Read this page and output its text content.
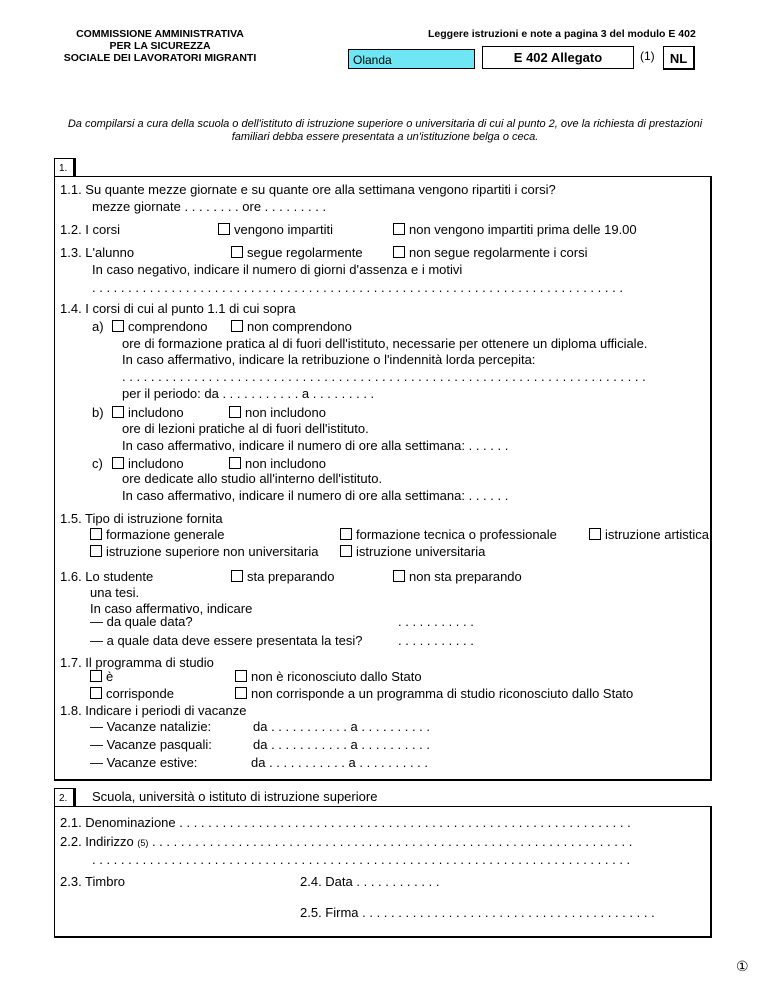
COMMISSIONE AMMINISTRATIVA
PER LA SICUREZZA
SOCIALE DEI LAVORATORI MIGRANTI
Leggere istruzioni e note a pagina 3 del modulo E 402
Olanda	E 402 Allegato	(1)	NL
Da compilarsi a cura della scuola o dell'istituto di istruzione superiore o universitaria di cui al punto 2, ove la richiesta di prestazioni familiari debba essere presentata a un'istituzione belga o ceca.
1.
1.1. Su quante mezze giornate e su quante ore alla settimana vengono ripartiti i corsi?
mezze giornate . . . . . . . . ore . . . . . . . . .
1.2. I corsi	vengono impartiti	non vengono impartiti prima delle 19.00
1.3. L'alunno	segue regolarmente	non segue regolarmente i corsi
In caso negativo, indicare il numero di giorni d'assenza e i motivi
. . . . . . . . . . . . . . . . . . . . . . . . . . . . . . . . . . . . . . . . . . . . . . . . . . . . . . . . . . . . . . . . . . . . . . . . . .
1.4. I corsi di cui al punto 1.1 di cui sopra
a)	comprendono	non comprendono
ore di formazione pratica al di fuori dell'istituto, necessarie per ottenere un diploma ufficiale.
In caso affermativo, indicare la retribuzione o l'indennità lorda percepita:
. . . . . . . . . . . . . . . . . . . . . . . . . . . . . . . . . . . . . . . . . . . . . . . . . . . . . . . . . . . . . . . . . . . . . . . . .
per il periodo: da . . . . . . . . . . . a . . . . . . . . .
b)	includono	non includono
ore di lezioni pratiche al di fuori dell'istituto.
In caso affermativo, indicare il numero di ore alla settimana: . . . . . .
c)	includono	non includono
ore dedicate allo studio all'interno dell'istituto.
In caso affermativo, indicare il numero di ore alla settimana: . . . . . .
1.5. Tipo di istruzione fornita
formazione generale	formazione tecnica o professionale	istruzione artistica
istruzione superiore non universitaria	istruzione universitaria
1.6. Lo studente	sta preparando	non sta preparando
una tesi.
In caso affermativo, indicare
— da quale data?	. . . . . . . . . . .
— a quale data deve essere presentata la tesi?	. . . . . . . . . . .
1.7. Il programma di studio
è	non è riconosciuto dallo Stato
corrisponde	non corrisponde a un programma di studio riconosciuto dallo Stato
1.8. Indicare i periodi di vacanze
— Vacanze natalizie:	da . . . . . . . . . . . a . . . . . . . . . .
— Vacanze pasquali:	da . . . . . . . . . . . a . . . . . . . . . .
— Vacanze estive:	da . . . . . . . . . . . a . . . . . . . . . .
2.	Scuola, università o istituto di istruzione superiore
2.1. Denominazione . . . . . . . . . . . . . . . . . . . . . . . . . . . . . . . . . . . . . . . . . . . . . . . . . . . . . . . . . . . . . . .
2.2. Indirizzo (5) . . . . . . . . . . . . . . . . . . . . . . . . . . . . . . . . . . . . . . . . . . . . . . . . . . . . . . . . . . . . . . . . . . .
. . . . . . . . . . . . . . . . . . . . . . . . . . . . . . . . . . . . . . . . . . . . . . . . . . . . . . . . . . . . . . . . . . . . . . . . . . .
2.3. Timbro	2.4. Data . . . . . . . . . . . .
2.5. Firma . . . . . . . . . . . . . . . . . . . . . . . . . . . . . . . . . . . . . . . . .
①
